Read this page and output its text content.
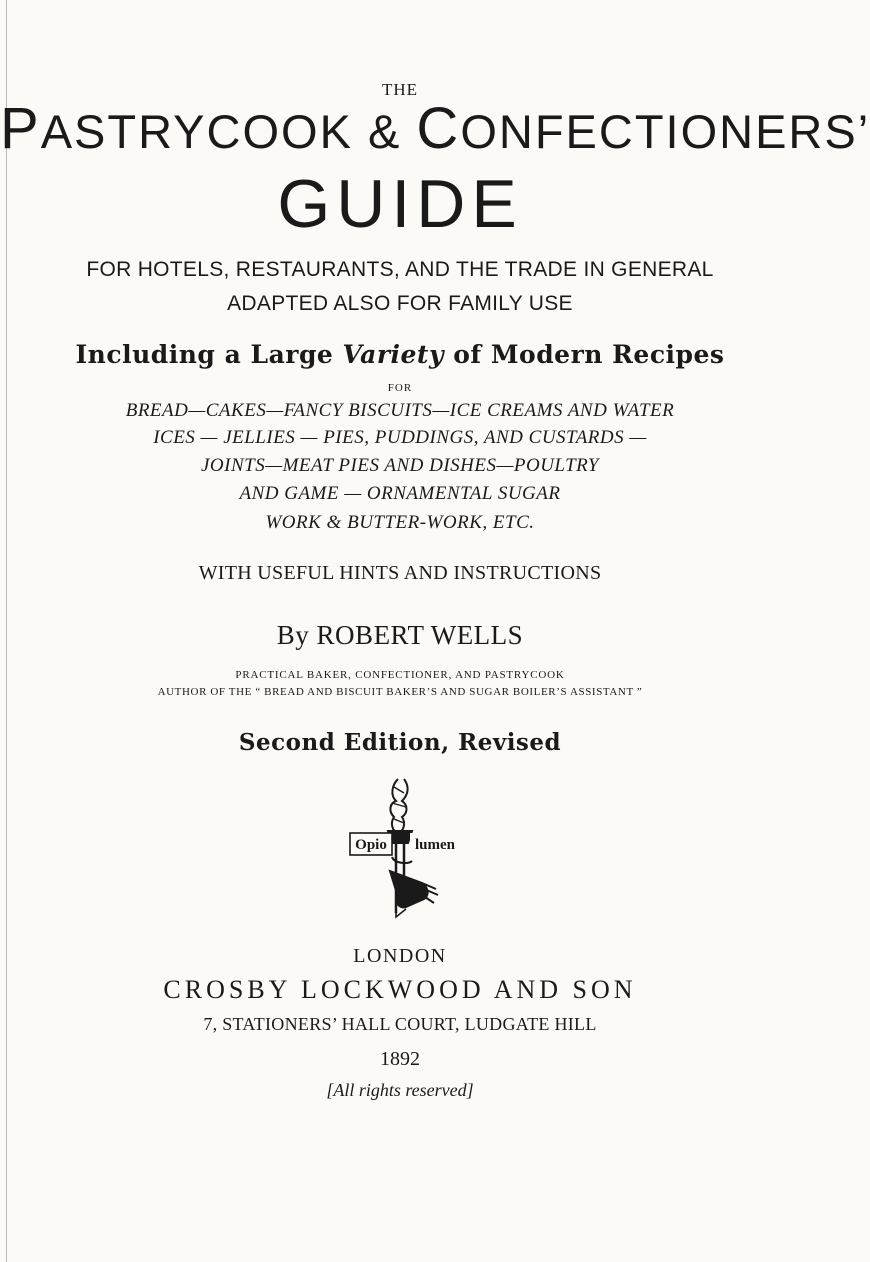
THE
PASTRYCOOK & CONFECTIONERS’
GUIDE
FOR HOTELS, RESTAURANTS, AND THE TRADE IN GENERAL
ADAPTED ALSO FOR FAMILY USE
Including a Large Variety of Modern Recipes
FOR
BREAD—CAKES—FANCY BISCUITS—ICE CREAMS AND WATER
ICES — JELLIES — PIES, PUDDINGS, AND CUSTARDS —
JOINTS—MEAT PIES AND DISHES—POULTRY
AND GAME — ORNAMENTAL SUGAR
WORK & BUTTER-WORK, ETC.
WITH USEFUL HINTS AND INSTRUCTIONS
By ROBERT WELLS
PRACTICAL BAKER, CONFECTIONER, AND PASTRYCOOK
AUTHOR OF THE “ BREAD AND BISCUIT BAKER’S AND SUGAR BOILER’S ASSISTANT ”
Second Edition, Revised
Opio lumen
LONDON
CROSBY LOCKWOOD AND SON
7, STATIONERS’ HALL COURT, LUDGATE HILL
1892
[All rights reserved]
